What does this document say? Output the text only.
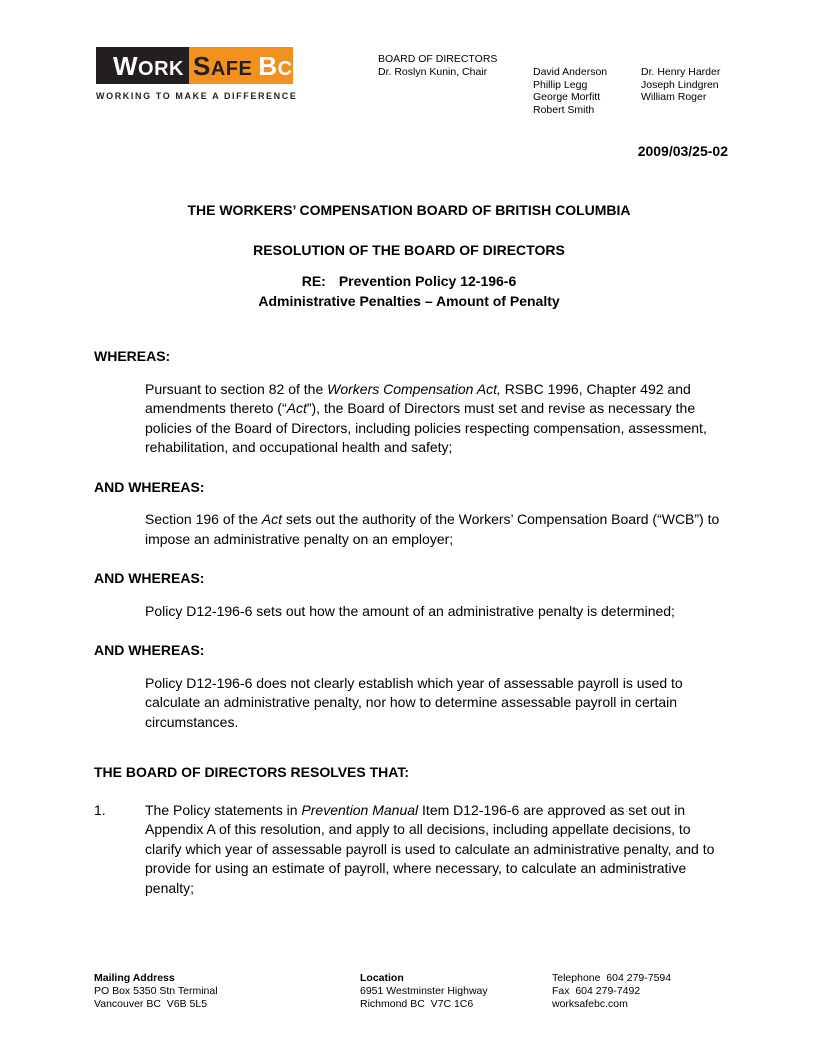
WORK SAFE BC
WORKING TO MAKE A DIFFERENCE
BOARD OF DIRECTORS
Dr. Roslyn Kunin, Chair	David Anderson
Phillip Legg
George Morfitt
Robert Smith
Dr. Henry Harder
Joseph Lindgren
William Roger
2009/03/25-02
THE WORKERS’ COMPENSATION BOARD OF BRITISH COLUMBIA
RESOLUTION OF THE BOARD OF DIRECTORS
RE: Prevention Policy 12-196-6
Administrative Penalties – Amount of Penalty
WHEREAS:

Pursuant to section 82 of the Workers Compensation Act, RSBC 1996, Chapter 492 and amendments thereto (“Act”), the Board of Directors must set and revise as necessary the policies of the Board of Directors, including policies respecting compensation, assessment, rehabilitation, and occupational health and safety;

AND WHEREAS:

Section 196 of the Act sets out the authority of the Workers’ Compensation Board (“WCB”) to impose an administrative penalty on an employer;

AND WHEREAS:

Policy D12-196-6 sets out how the amount of an administrative penalty is determined;

AND WHEREAS:

Policy D12-196-6 does not clearly establish which year of assessable payroll is used to calculate an administrative penalty, nor how to determine assessable payroll in certain circumstances.

THE BOARD OF DIRECTORS RESOLVES THAT:
1.	The Policy statements in Prevention Manual Item D12-196-6 are approved as set out in Appendix A of this resolution, and apply to all decisions, including appellate decisions, to clarify which year of assessable payroll is used to calculate an administrative penalty, and to provide for using an estimate of payroll, where necessary, to calculate an administrative penalty;
Mailing Address
PO Box 5350 Stn Terminal
Vancouver BC  V6B 5L5
Location
6951 Westminster Highway
Richmond BC  V7C 1C6
Telephone  604 279-7594
Fax  604 279-7492
worksafebc.com
